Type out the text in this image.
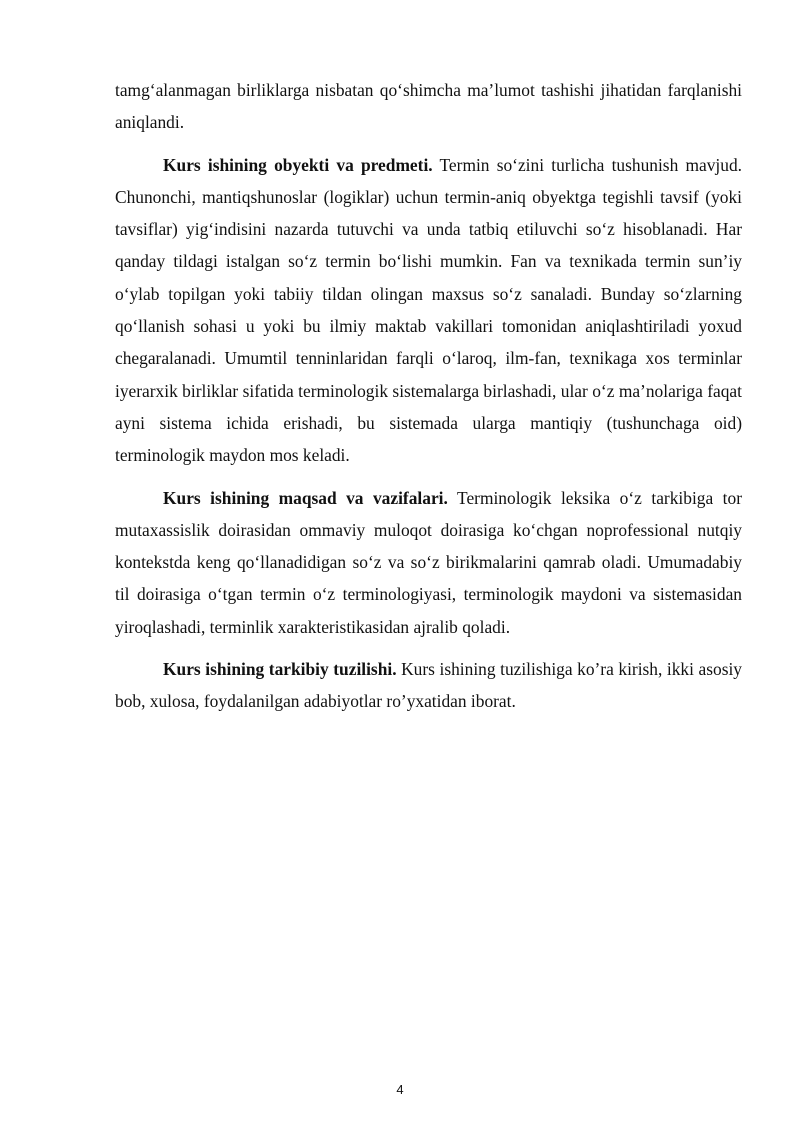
tamg‘alanmagan birliklarga nisbatan qo‘shimcha ma’lumot tashishi jihatidan farqlanishi aniqlandi.

Kurs ishining obyekti va predmeti. Termin so‘zini turlicha tushunish mavjud. Chunonchi, mantiqshunoslar (logiklar) uchun termin-aniq obyektga tegishli tavsif (yoki tavsiflar) yig‘indisini nazarda tutuvchi va unda tatbiq etiluvchi so‘z hisoblanadi. Har qanday tildagi istalgan so‘z termin bo‘lishi mumkin. Fan va texnikada termin sun’iy o‘ylab topilgan yoki tabiiy tildan olingan maxsus so‘z sanaladi. Bunday so‘zlarning qo‘llanish sohasi u yoki bu ilmiy maktab vakillari tomonidan aniqlashtiriladi yoxud chegaralanadi. Umumtil tenninlaridan farqli o‘laroq, ilm-fan, texnikaga xos terminlar iyerarxik birliklar sifatida terminologik sistemalarga birlashadi, ular o‘z ma’nolariga faqat ayni sistema ichida erishadi, bu sistemada ularga mantiqiy (tushunchaga oid) terminologik maydon mos keladi.

Kurs ishining maqsad va vazifalari. Terminologik leksika o‘z tarkibiga tor mutaxassislik doirasidan ommaviy muloqot doirasiga ko‘chgan noprofessional nutqiy kontekstda keng qo‘llanadidigan so‘z va so‘z birikmalarini qamrab oladi. Umumadabiy til doirasiga o‘tgan termin o‘z terminologiyasi, terminologik maydoni va sistemasidan yiroqlashadi, terminlik xarakteristikasidan ajralib qoladi.

Kurs ishining tarkibiy tuzilishi. Kurs ishining tuzilishiga ko’ra kirish, ikki asosiy bob, xulosa, foydalanilgan adabiyotlar ro’yxatidan iborat.

4
